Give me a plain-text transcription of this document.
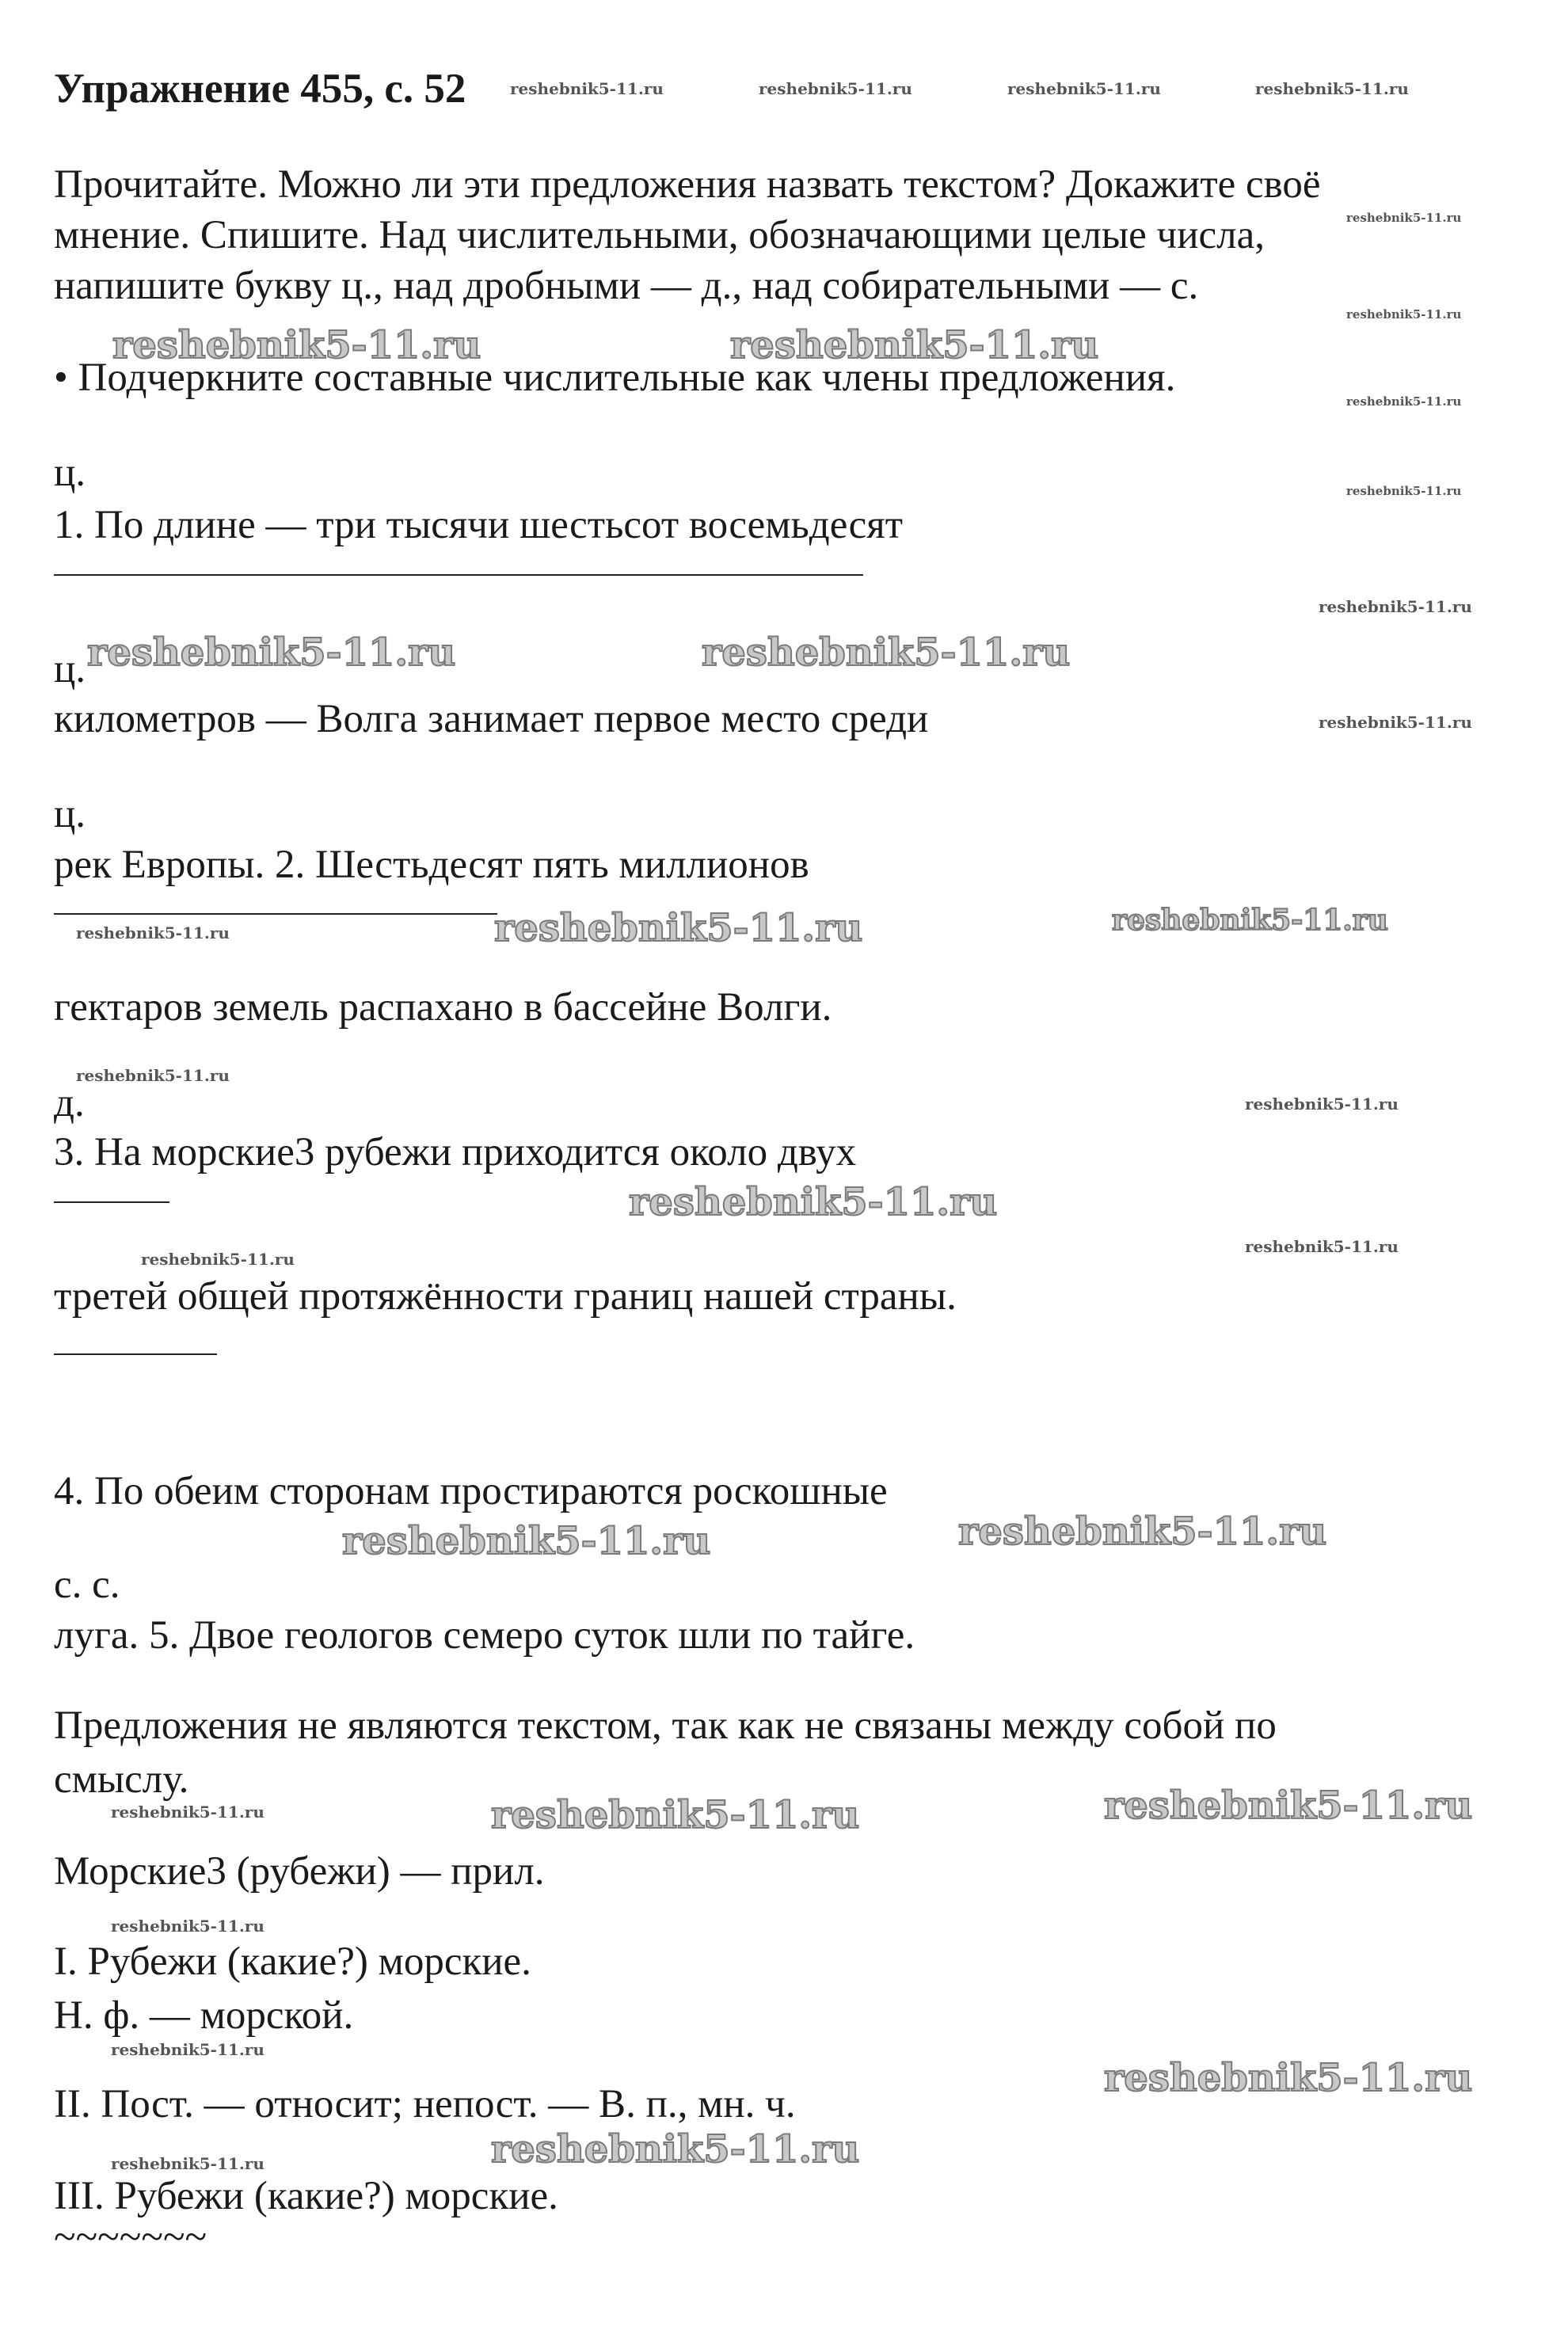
Упражнение 455, с. 52
Прочитайте. Можно ли эти предложения назвать текстом? Докажите своё
мнение. Спишите. Над числительными, обозначающими целые числа,
напишите букву ц., над дробными — д., над собирательными — с.
• Подчеркните составные числительные как члены предложения.
ц.
1. По длине — три тысячи шестьсот восемьдесят
ц.
километров — Волга занимает первое место среди
ц.
рек Европы. 2. Шестьдесят пять миллионов
гектаров земель распахано в бассейне Волги.
д.
3. На морские3 рубежи приходится около двух
третей общей протяжённости границ нашей страны.
4. По обеим сторонам простираются роскошные
с. с.
луга. 5. Двое геологов семеро суток шли по тайге.
Предложения не являются текстом, так как не связаны между собой по
смыслу.
Морские3 (рубежи) — прил.
I. Рубежи (какие?) морские.
Н. ф. — морской.
II. Пост. — относит; непост. — В. п., мн. ч.
III. Рубежи (какие?) морские.
~~~~~~~
reshebnik5-11.ru	reshebnik5-11.ru	reshebnik5-11.ru	reshebnik5-11.ru
reshebnik5-11.ru
reshebnik5-11.ru
reshebnik5-11.ru
reshebnik5-11.ru
reshebnik5-11.ru
reshebnik5-11.ru
reshebnik5-11.ru
reshebnik5-11.ru
reshebnik5-11.ru
reshebnik5-11.ru
reshebnik5-11.ru
reshebnik5-11.ru
reshebnik5-11.ru
reshebnik5-11.ru
reshebnik5-11.ru
reshebnik5-11.ru	reshebnik5-11.ru
reshebnik5-11.ru	reshebnik5-11.ru
reshebnik5-11.ru	reshebnik5-11.ru
reshebnik5-11.ru
reshebnik5-11.ru	reshebnik5-11.ru
reshebnik5-11.ru	reshebnik5-11.ru
reshebnik5-11.ru
reshebnik5-11.ru
